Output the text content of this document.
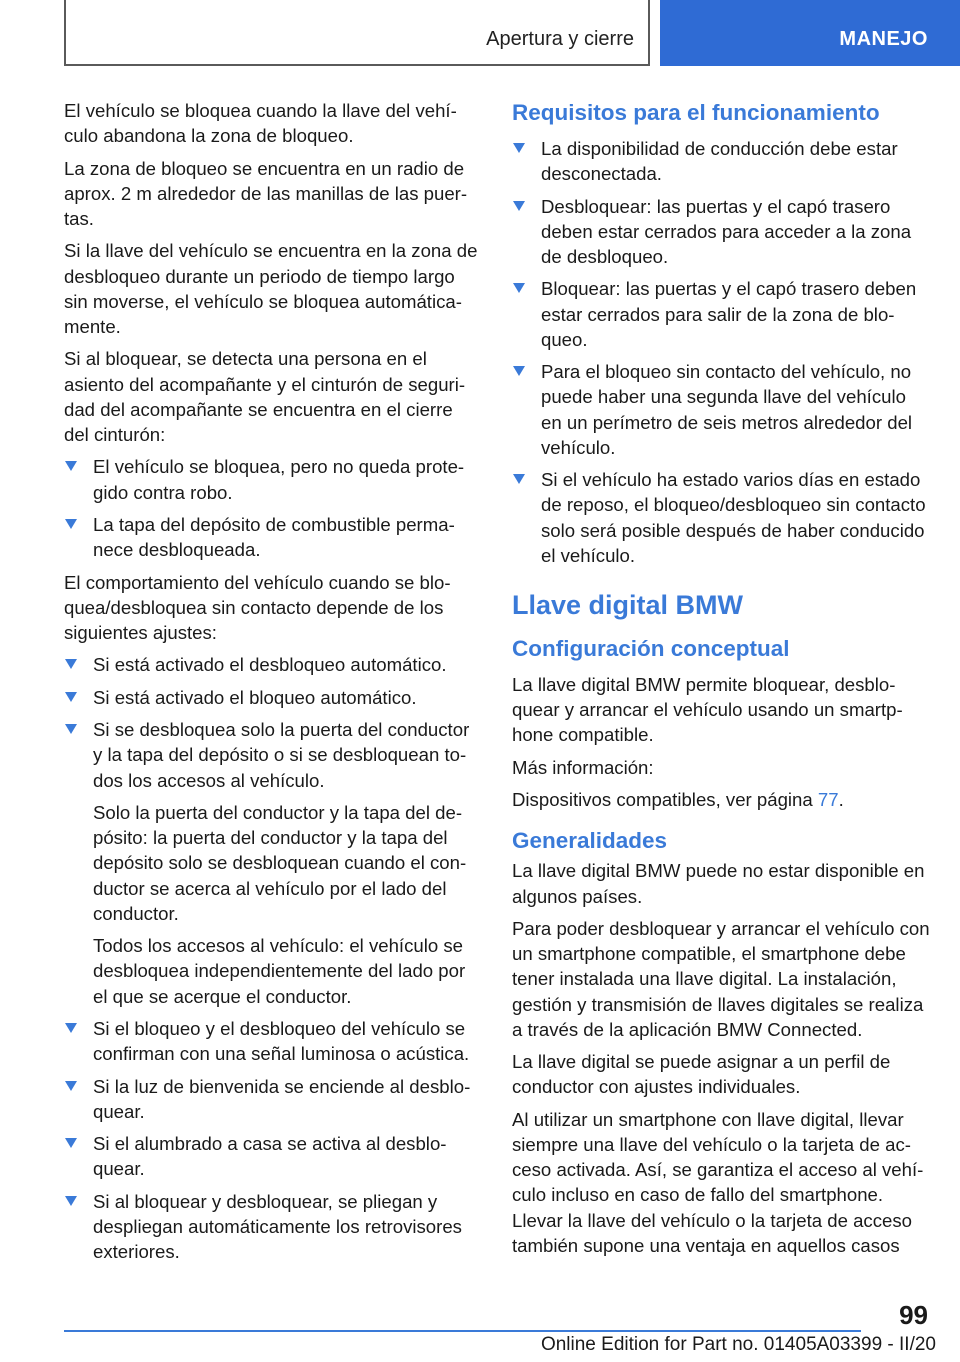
Apertura y cierre	MANEJO

El vehículo se bloquea cuando la llave del vehículo abandona la zona de bloqueo.

La zona de bloqueo se encuentra en un radio de aprox. 2 m alrededor de las manillas de las puertas.

Si la llave del vehículo se encuentra en la zona de desbloqueo durante un periodo de tiempo largo sin moverse, el vehículo se bloquea automáticamente.

Si al bloquear, se detecta una persona en el asiento del acompañante y el cinturón de seguridad del acompañante se encuentra en el cierre del cinturón:

El vehículo se bloquea, pero no queda protegido contra robo.
La tapa del depósito de combustible permanece desbloqueada.

El comportamiento del vehículo cuando se bloquea/desbloquea sin contacto depende de los siguientes ajustes:

Si está activado el desbloqueo automático.
Si está activado el bloqueo automático.
Si se desbloquea solo la puerta del conductor y la tapa del depósito o si se desbloquean todos los accesos al vehículo.
Solo la puerta del conductor y la tapa del depósito: la puerta del conductor y la tapa del depósito solo se desbloquean cuando el conductor se acerca al vehículo por el lado del conductor.
Todos los accesos al vehículo: el vehículo se desbloquea independientemente del lado por el que se acerque el conductor.
Si el bloqueo y el desbloqueo del vehículo se confirman con una señal luminosa o acústica.
Si la luz de bienvenida se enciende al desbloquear.
Si el alumbrado a casa se activa al desbloquear.
Si al bloquear y desbloquear, se pliegan y despliegan automáticamente los retrovisores exteriores.
Requisitos para el funcionamiento
La disponibilidad de conducción debe estar desconectada.
Desbloquear: las puertas y el capó trasero deben estar cerrados para acceder a la zona de desbloqueo.
Bloquear: las puertas y el capó trasero deben estar cerrados para salir de la zona de bloqueo.
Para el bloqueo sin contacto del vehículo, no puede haber una segunda llave del vehículo en un perímetro de seis metros alrededor del vehículo.
Si el vehículo ha estado varios días en estado de reposo, el bloqueo/desbloqueo sin contacto solo será posible después de haber conducido el vehículo.
Llave digital BMW
Configuración conceptual

La llave digital BMW permite bloquear, desbloquear y arrancar el vehículo usando un smartphone compatible.

Más información:

Dispositivos compatibles, ver página 77.

Generalidades

La llave digital BMW puede no estar disponible en algunos países.

Para poder desbloquear y arrancar el vehículo con un smartphone compatible, el smartphone debe tener instalada una llave digital. La instalación, gestión y transmisión de llaves digitales se realiza a través de la aplicación BMW Connected.

La llave digital se puede asignar a un perfil de conductor con ajustes individuales.

Al utilizar un smartphone con llave digital, llevar siempre una llave del vehículo o la tarjeta de acceso activada. Así, se garantiza el acceso al vehículo incluso en caso de fallo del smartphone. Llevar la llave del vehículo o la tarjeta de acceso también supone una ventaja en aquellos casos

99
Online Edition for Part no. 01405A03399 - II/20
